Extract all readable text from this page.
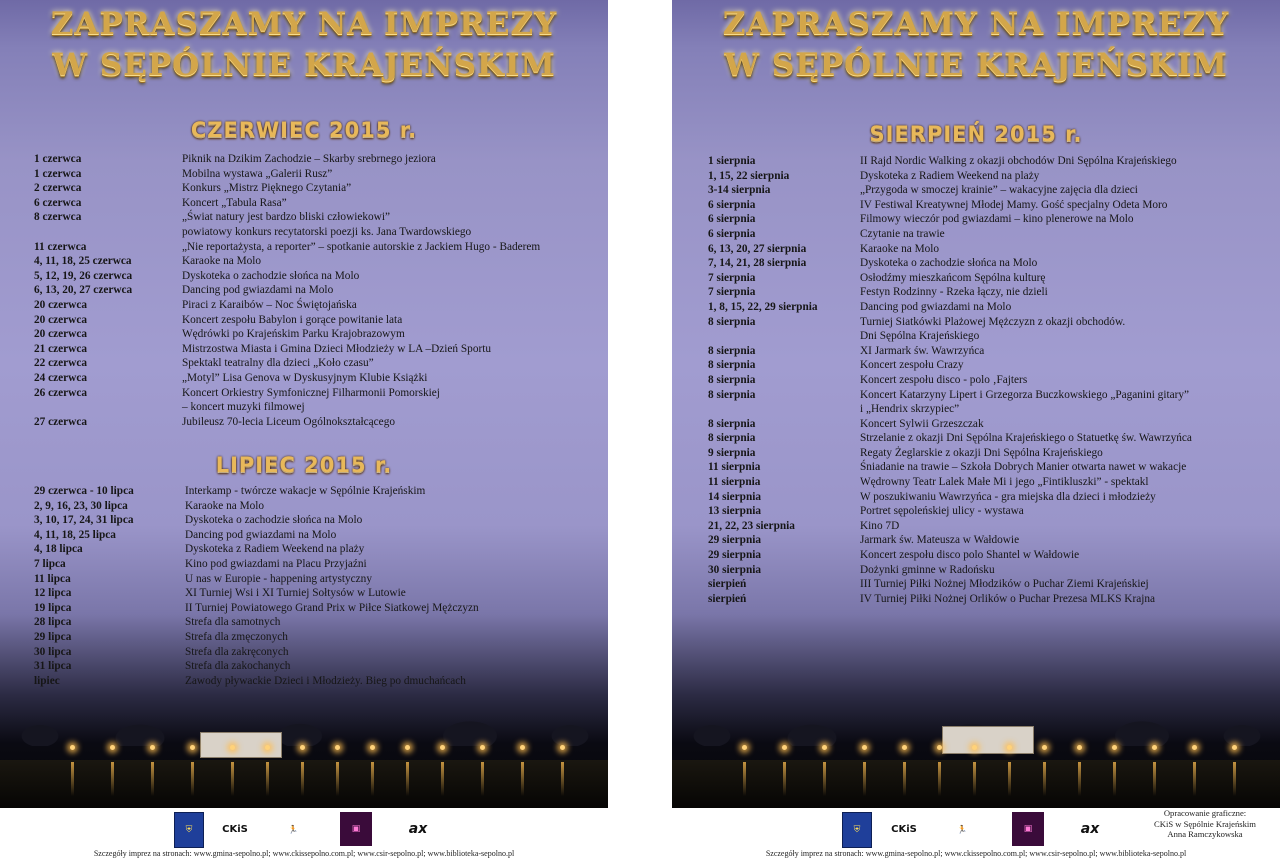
ZAPRASZAMY NA IMPREZY
W SĘPÓLNIE KRAJEŃSKIM
CZERWIEC 2015 r.
1 czerwca	Piknik na Dzikim Zachodzie – Skarby srebrnego jeziora
1 czerwca	Mobilna wystawa „Galerii Rusz”
2 czerwca	Konkurs „Mistrz Pięknego Czytania”
6 czerwca	Koncert „Tabula Rasa”
8 czerwca	„Świat natury jest bardzo bliski człowiekowi”
powiatowy konkurs recytatorski poezji ks. Jana Twardowskiego
11 czerwca	„Nie reportażysta, a reporter” – spotkanie autorskie z Jackiem Hugo - Baderem
4, 11, 18, 25 czerwca	Karaoke na Molo
5, 12, 19, 26 czerwca	Dyskoteka o zachodzie słońca na Molo
6, 13, 20, 27 czerwca	Dancing pod gwiazdami na Molo
20 czerwca	Piraci z Karaibów – Noc Świętojańska
20 czerwca	Koncert zespołu Babylon i gorące powitanie lata
20 czerwca	Wędrówki po Krajeńskim Parku Krajobrazowym
21 czerwca	Mistrzostwa Miasta i Gmina Dzieci Młodzieży w LA –Dzień Sportu
22 czerwca	Spektakl teatralny dla dzieci „Koło czasu”
24 czerwca	„Motyl” Lisa Genova w Dyskusyjnym Klubie Książki
26 czerwca	Koncert Orkiestry Symfonicznej Filharmonii Pomorskiej
– koncert muzyki filmowej
27 czerwca	Jubileusz 70-lecia Liceum Ogólnokształcącego
LIPIEC 2015 r.
29 czerwca - 10 lipca	Interkamp - twórcze wakacje w Sępólnie Krajeńskim
2, 9, 16, 23, 30 lipca	Karaoke na Molo
3, 10, 17, 24, 31 lipca	Dyskoteka o zachodzie słońca na Molo
4, 11, 18, 25 lipca	Dancing pod gwiazdami na Molo
4, 18 lipca	Dyskoteka z Radiem Weekend na plaży
7 lipca	Kino pod gwiazdami na Placu Przyjaźni
11 lipca	U nas w Europie - happening artystyczny
12 lipca	XI Turniej Wsi i XI Turniej Sołtysów w Lutowie
19 lipca	II Turniej Powiatowego Grand Prix w Piłce Siatkowej Mężczyzn
28 lipca	Strefa dla samotnych
29 lipca	Strefa dla zmęczonych
30 lipca	Strefa dla zakręconych
31 lipca	Strefa dla zakochanych
lipiec	Zawody pływackie Dzieci i Młodzieży. Bieg po dmuchańcach
⛨	CKiS	🏃	▣	ax
Szczegóły imprez na stronach: www.gmina-sepolno.pl; www.ckissepolno.com.pl; www.csir-sepolno.pl; www.biblioteka-sepolno.pl
ZAPRASZAMY NA IMPREZY
W SĘPÓLNIE KRAJEŃSKIM
SIERPIEŃ 2015 r.
1 sierpnia	II Rajd Nordic Walking z okazji obchodów Dni Sępólna Krajeńskiego
1, 15, 22 sierpnia	Dyskoteka z Radiem Weekend na plaży
3-14 sierpnia	„Przygoda w smoczej krainie” – wakacyjne zajęcia dla dzieci
6 sierpnia	IV Festiwal Kreatywnej Młodej Mamy. Gość specjalny Odeta Moro
6 sierpnia	Filmowy wieczór pod gwiazdami – kino plenerowe na Molo
6 sierpnia	Czytanie na trawie
6, 13, 20, 27 sierpnia	Karaoke na Molo
7, 14, 21, 28 sierpnia	Dyskoteka o zachodzie słońca na Molo
7 sierpnia	Osłodźmy mieszkańcom Sępólna kulturę
7 sierpnia	Festyn Rodzinny - Rzeka łączy, nie dzieli
1, 8, 15, 22, 29 sierpnia	Dancing pod gwiazdami na Molo
8 sierpnia	Turniej Siatkówki Plażowej Mężczyzn z okazji obchodów.
Dni Sępólna Krajeńskiego
8 sierpnia	XI Jarmark św. Wawrzyńca
8 sierpnia	Koncert zespołu Crazy
8 sierpnia	Koncert zespołu disco - polo ‚Fajters
8 sierpnia	Koncert Katarzyny Lipert i Grzegorza Buczkowskiego „Paganini gitary”
i „Hendrix skrzypiec”
8 sierpnia	Koncert Sylwii Grzeszczak
8 sierpnia	Strzelanie z okazji Dni Sępólna Krajeńskiego o Statuetkę św. Wawrzyńca
9 sierpnia	Regaty Żeglarskie z okazji Dni Sępólna Krajeńskiego
11 sierpnia	Śniadanie na trawie – Szkoła Dobrych Manier otwarta nawet w wakacje
11 sierpnia	Wędrowny Teatr Lalek Małe Mi i jego „Fintikluszki” - spektakl
14 sierpnia	W poszukiwaniu Wawrzyńca - gra miejska dla dzieci i młodzieży
13 sierpnia	Portret sępoleńskiej ulicy - wystawa
21, 22, 23 sierpnia	Kino 7D
29 sierpnia	Jarmark św. Mateusza w Wałdowie
29 sierpnia	Koncert zespołu disco polo Shantel w Wałdowie
30 sierpnia	Dożynki gminne w Radońsku
sierpień	III Turniej Piłki Nożnej Młodzików o Puchar Ziemi Krajeńskiej
sierpień	IV Turniej Piłki Nożnej Orlików o Puchar Prezesa MLKS Krajna
⛨	CKiS	🏃	▣	ax
Opracowanie graficzne:
CKiS w Sępólnie Krajeńskim
Anna Ramczykowska
Szczegóły imprez na stronach: www.gmina-sepolno.pl; www.ckissepolno.com.pl; www.csir-sepolno.pl; www.biblioteka-sepolno.pl
